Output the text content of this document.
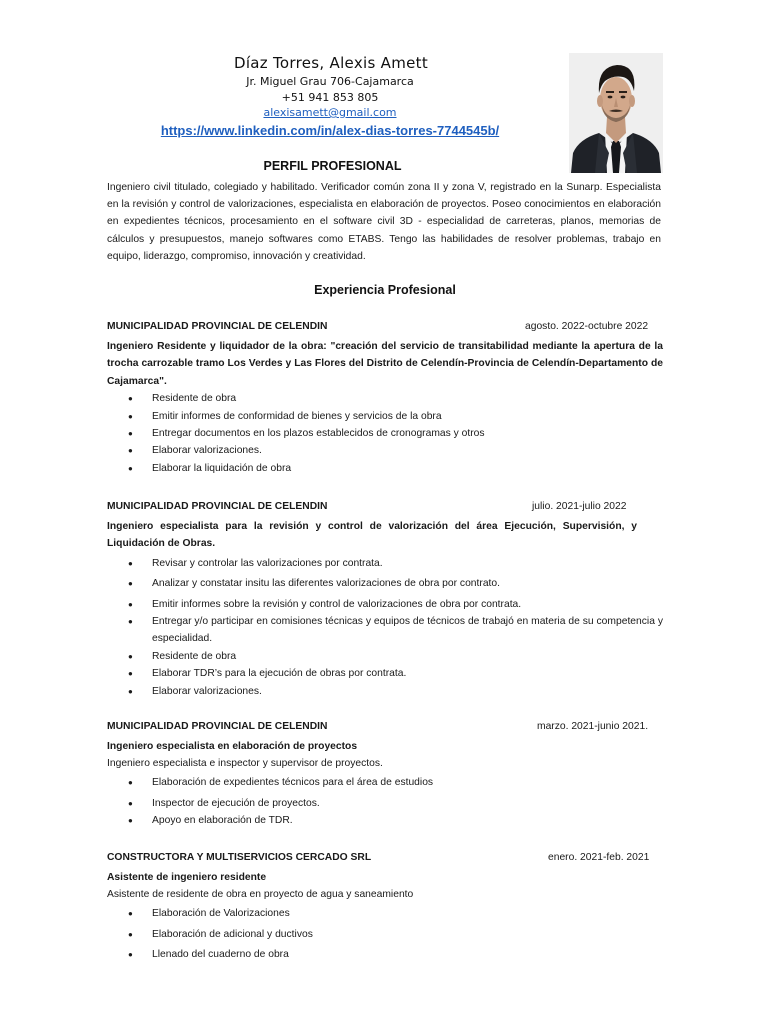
Díaz Torres, Alexis Amett
Jr. Miguel Grau 706-Cajamarca
+51 941 853 805
alexisamett@gmail.com
https://www.linkedin.com/in/alex-dias-torres-7744545b/
PERFIL PROFESIONAL
Ingeniero civil titulado, colegiado y habilitado. Verificador común zona II y zona V, registrado en la Sunarp. Especialista en la revisión y control de valorizaciones, especialista en elaboración de proyectos. Poseo conocimientos en elaboración en expedientes técnicos, procesamiento en el software civil 3D - especialidad de carreteras, planos, memorias de cálculos y presupuestos, manejo softwares como ETABS. Tengo las habilidades de resolver problemas, trabajo en equipo, liderazgo, compromiso, innovación y creatividad.
Experiencia Profesional
MUNICIPALIDAD PROVINCIAL DE CELENDIN	agosto. 2022-octubre 2022
Ingeniero Residente y liquidador de la obra: "creación del servicio de transitabilidad mediante la apertura de la trocha carrozable tramo Los Verdes y Las Flores del Distrito de Celendín-Provincia de Celendín-Departamento de Cajamarca".
● Residente de obra
● Emitir informes de conformidad de bienes y servicios de la obra
● Entregar documentos en los plazos establecidos de cronogramas y otros
● Elaborar valorizaciones.
● Elaborar la liquidación de obra
MUNICIPALIDAD PROVINCIAL DE CELENDIN	julio. 2021-julio 2022
Ingeniero especialista para la revisión y control de valorización del área Ejecución, Supervisión, y Liquidación de Obras.
● Revisar y controlar las valorizaciones por contrata.
● Analizar y constatar insitu las diferentes valorizaciones de obra por contrato.
● Emitir informes sobre la revisión y control de valorizaciones de obra por contrata.
● Entregar y/o participar en comisiones técnicas y equipos de técnicos de trabajó en materia de su competencia y especialidad.
● Residente de obra
● Elaborar TDR’s para la ejecución de obras por contrata.
● Elaborar valorizaciones.
MUNICIPALIDAD PROVINCIAL DE CELENDIN	marzo. 2021-junio 2021.
Ingeniero especialista en elaboración de proyectos
Ingeniero especialista e inspector y supervisor de proyectos.
● Elaboración de expedientes técnicos para el área de estudios
● Inspector de ejecución de proyectos.
● Apoyo en elaboración de TDR.
CONSTRUCTORA Y MULTISERVICIOS CERCADO SRL	enero. 2021-feb. 2021
Asistente de ingeniero residente
Asistente de residente de obra en proyecto de agua y saneamiento
● Elaboración de Valorizaciones
● Elaboración de adicional y ductivos
● Llenado del cuaderno de obra
